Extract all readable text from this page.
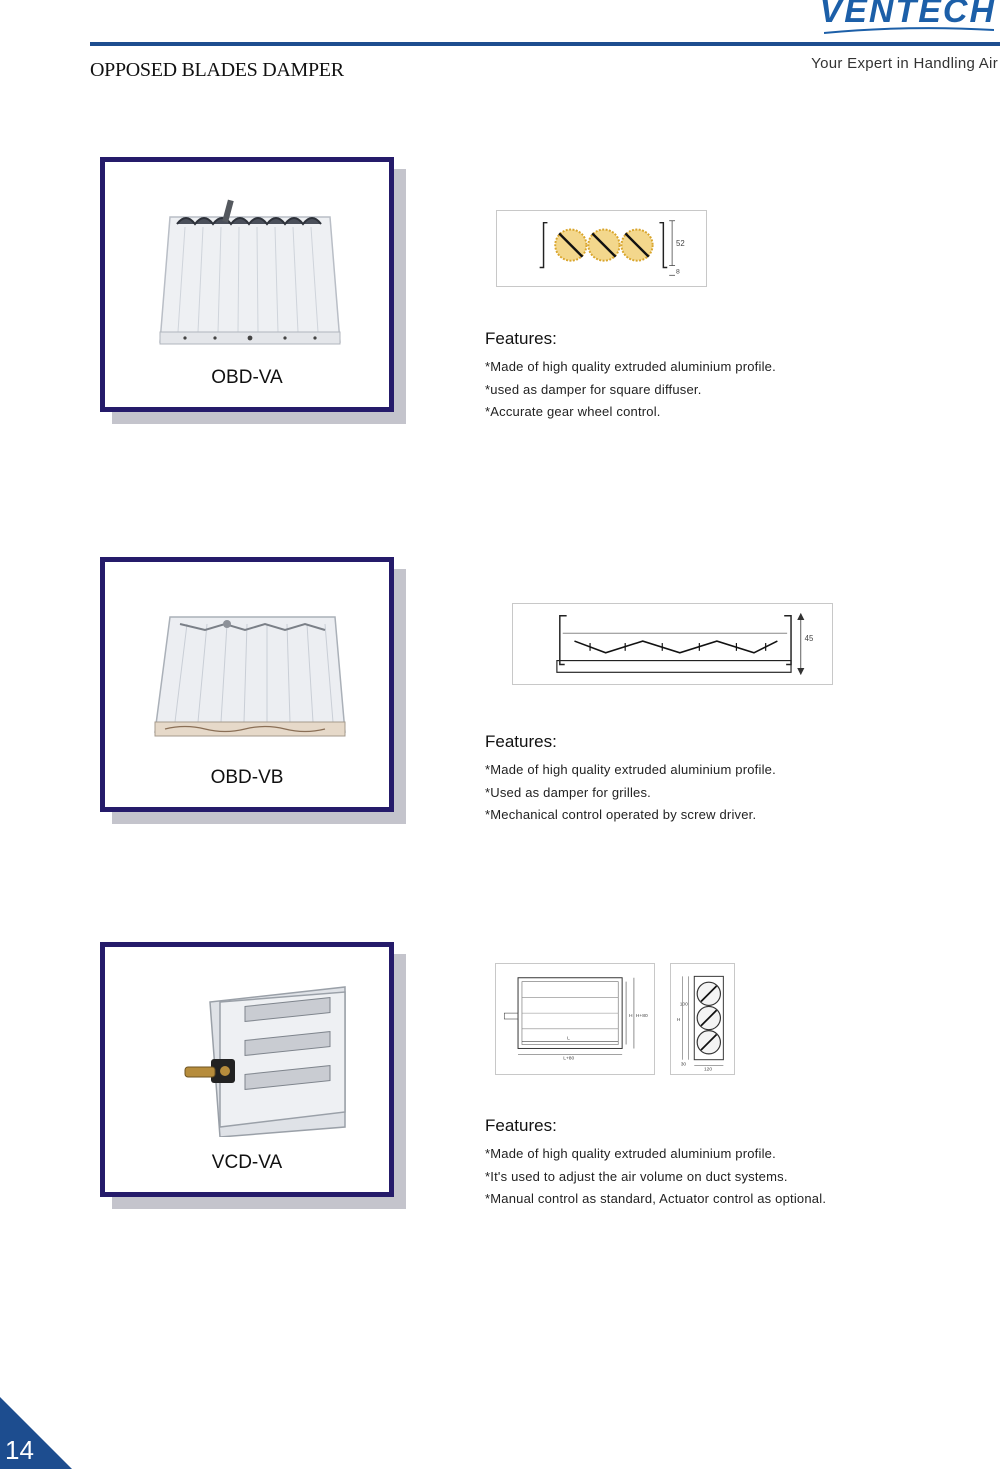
VENTECH
OPPOSED BLADES DAMPER	Your Expert in Handling Air
OBD-VA
52
8
Features:
*Made of high quality extruded aluminium profile.
*used as damper for square diffuser.
*Accurate gear wheel control.
OBD-VB
45
Features:
*Made of high quality extruded aluminium profile.
*Used as damper for grilles.
*Mechanical control operated by screw driver.
VCD-VA
H H+80
L
L+80
100
H
30
120
Features:
*Made of high quality extruded aluminium profile.
*It's used to adjust the air volume on duct systems.
*Manual control as standard, Actuator control as optional.
14
